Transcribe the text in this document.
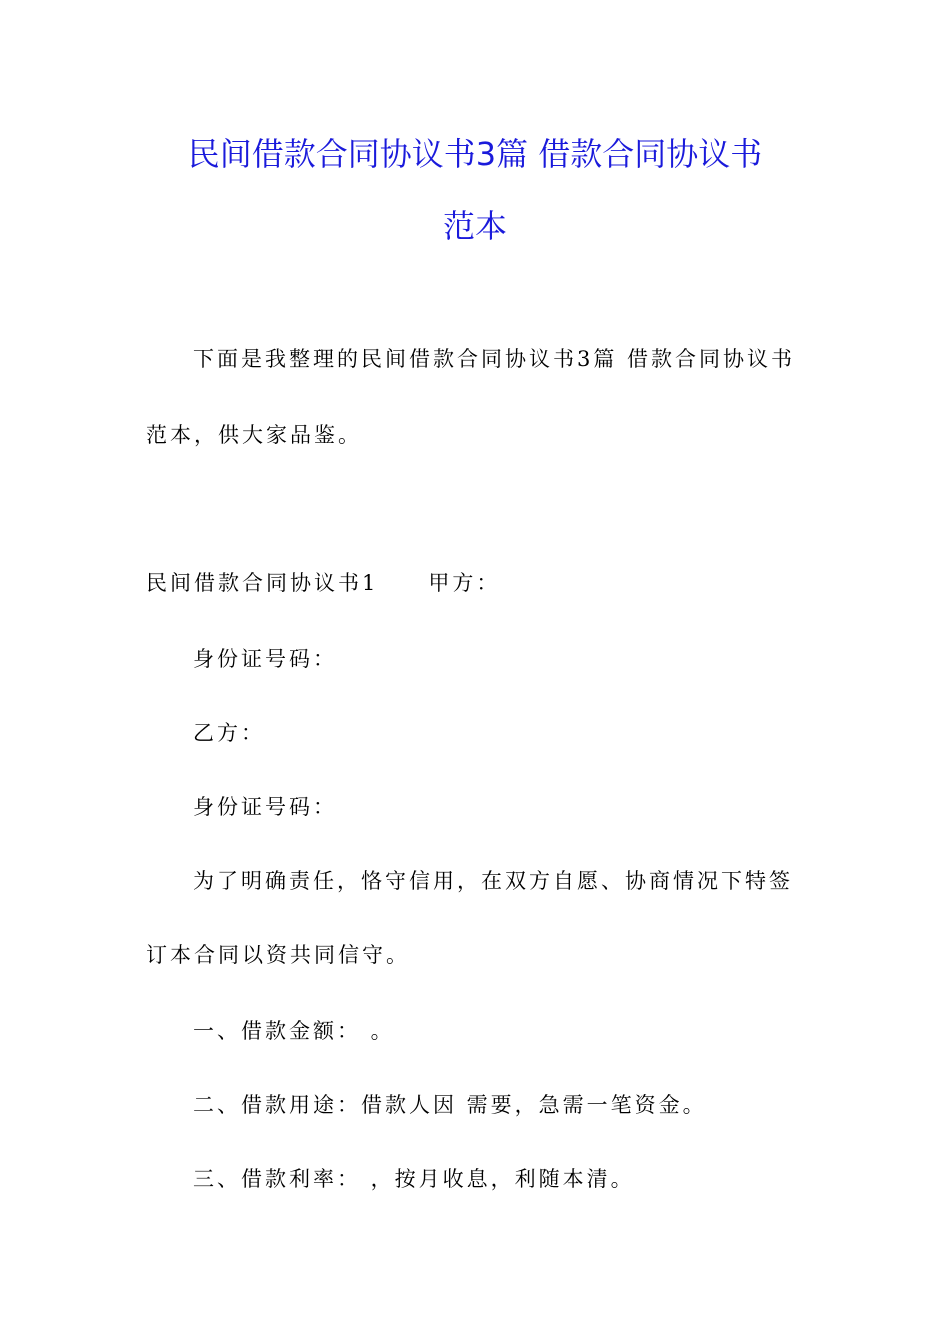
民间借款合同协议书3篇 借款合同协议书
范本
下面是我整理的民间借款合同协议书3篇 借款合同协议书
范本，供大家品鉴。
民间借款合同协议书1 甲方：
身份证号码：
乙方：
身份证号码：
为了明确责任，恪守信用，在双方自愿、协商情况下特签
订本合同以资共同信守。
一、借款金额： 。
二、借款用途：借款人因 需要，急需一笔资金。
三、借款利率： ，按月收息，利随本清。
